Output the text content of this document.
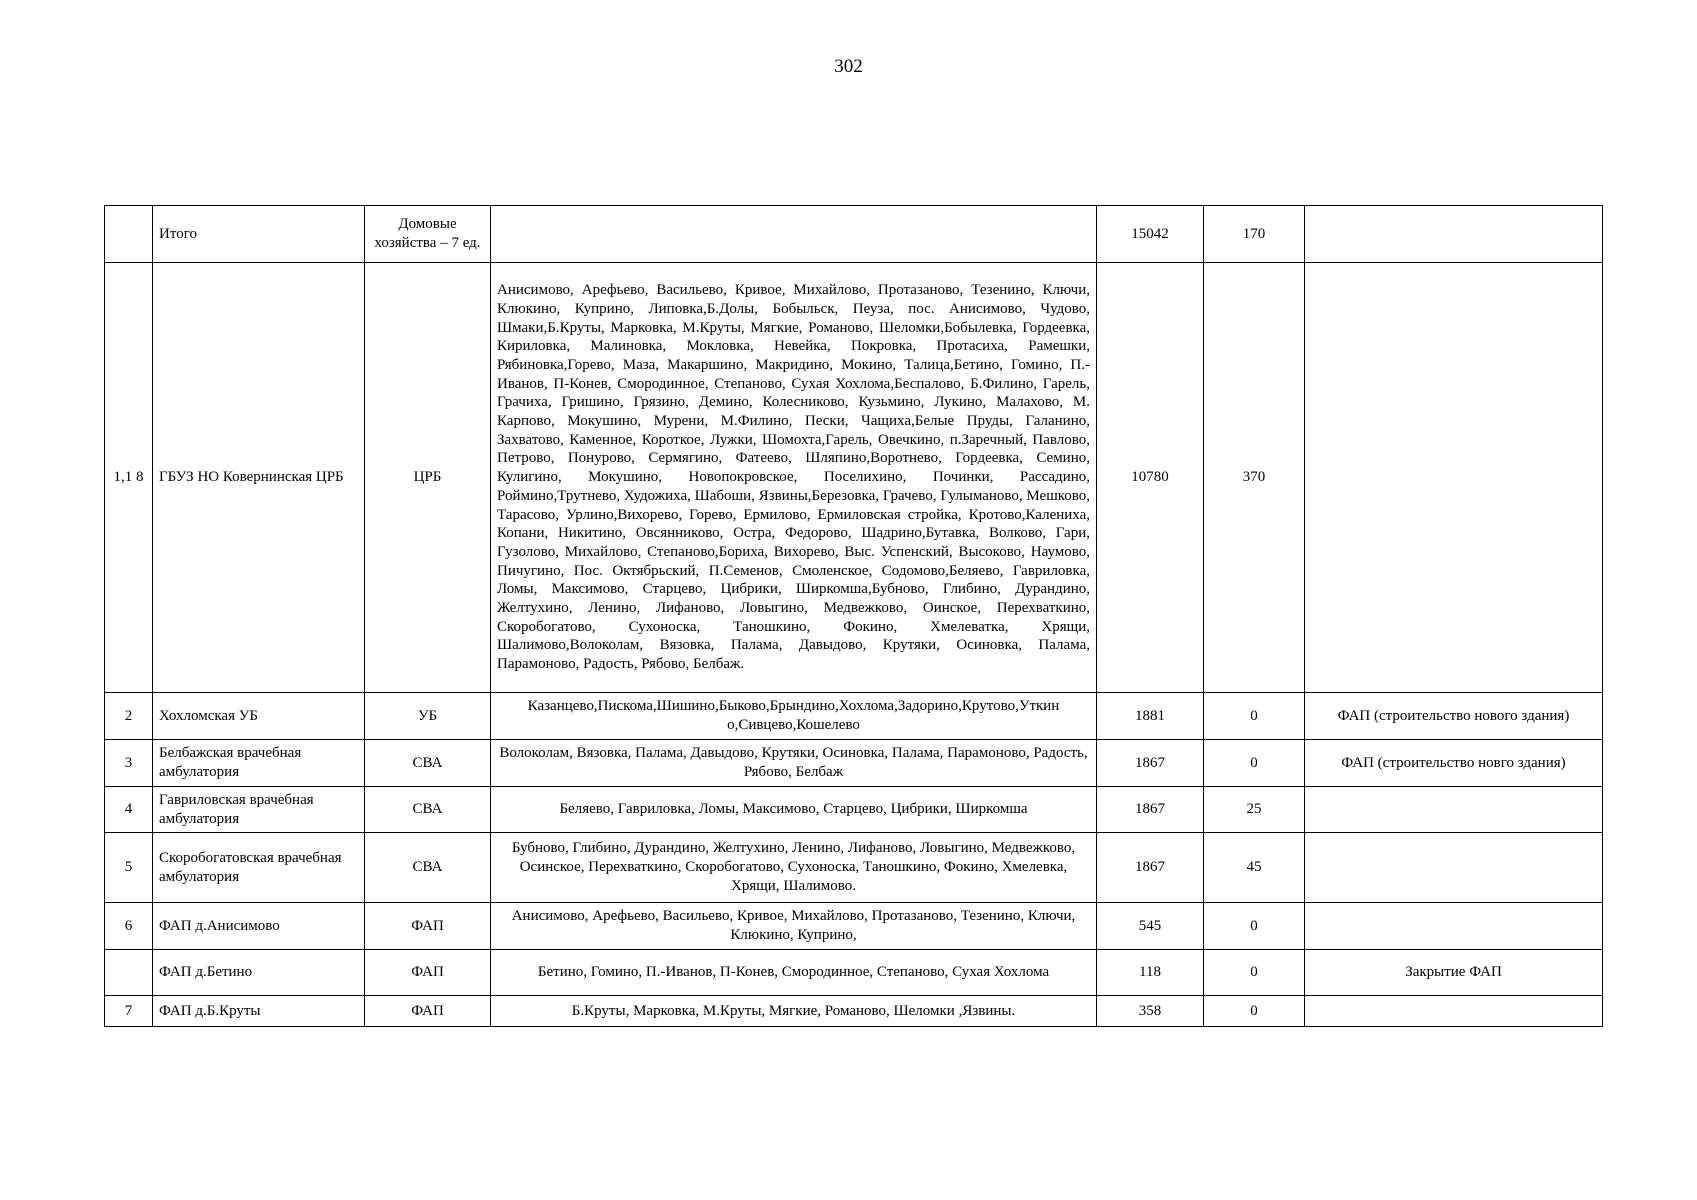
302
	Итого	Домовые хозяйства – 7 ед.		15042	170	
1,1 8	ГБУЗ НО Ковернинская ЦРБ	ЦРБ	Анисимово, Арефьево, Васильево, Кривое, Михайлово, Протазаново, Тезенино, Ключи, Клюкино, Куприно, Липовка,Б.Долы, Бобыльск, Пеуза, пос. Анисимово, Чудово, Шмаки,Б.Круты, Марковка, М.Круты, Мягкие, Романово, Шеломки,Бобылевка, Гордеевка, Кириловка, Малиновка, Мокловка, Невейка, Покровка, Протасиха, Рамешки, Рябиновка,Горево, Маза, Макаршино, Макридино, Мокино, Талица,Бетино, Гомино, П.-Иванов, П-Конев, Смородинное, Степаново, Сухая Хохлома,Беспалово, Б.Филино, Гарель, Грачиха, Гришино, Грязино, Демино, Колесниково, Кузьмино, Лукино, Малахово, М. Карпово, Мокушино, Мурени, М.Филино, Пески, Чащиха,Белые Пруды, Галанино, Захватово, Каменное, Короткое, Лужки, Шомохта,Гарель, Овечкино, п.Заречный, Павлово, Петрово, Понурово, Сермягино, Фатеево, Шляпино,Воротнево, Гордеевка, Семино, Кулигино, Мокушино, Новопокровское, Поселихино, Починки, Рассадино, Роймино,Трутнево, Художиха, Шабоши, Язвины,Березовка, Грачево, Гулыманово, Мешково, Тарасово, Урлино,Вихорево, Горево, Ермилово, Ермиловская стройка, Кротово,Калениха, Копани, Никитино, Овсянниково, Остра, Федорово, Шадрино,Бутавка, Волково, Гари, Гузолово, Михайлово, Степаново,Бориха, Вихорево, Выс. Успенский, Высоково, Наумово, Пичугино, Пос. Октябрьский, П.Семенов, Смоленское, Содомово,Беляево, Гавриловка, Ломы, Максимово, Старцево, Цибрики, Ширкомша,Бубново, Глибино, Дурандино, Желтухино, Ленино, Лифаново, Ловыгино, Медвежково, Оинское, Перехваткино, Скоробогатово, Сухоноска, Таношкино, Фокино, Хмелеватка, Хрящи, Шалимово,Волоколам, Вязовка, Палама, Давыдово, Крутяки, Осиновка, Палама, Парамоново, Радость, Рябово, Белбаж.	10780	370	
2	Хохломская УБ	УБ	Казанцево,Пискома,Шишино,Быково,Брындино,Хохлома,Задорино,Крутово,Уткин о,Сивцево,Кошелево	1881	0	ФАП (строительство нового здания)
3	Белбажская врачебная амбулатория	СВА	Волоколам, Вязовка, Палама, Давыдово, Крутяки, Осиновка, Палама, Парамоново, Радость, Рябово, Белбаж	1867	0	ФАП (строительство новго здания)
4	Гавриловская врачебная амбулатория	СВА	Беляево, Гавриловка, Ломы, Максимово, Старцево, Цибрики, Ширкомша	1867	25	
5	Скоробогатовская врачебная амбулатория	СВА	Бубново, Глибино, Дурандино, Желтухино, Ленино, Лифаново, Ловыгино, Медвежково, Осинское, Перехваткино, Скоробогатово, Сухоноска, Таношкино, Фокино, Хмелевка, Хрящи, Шалимово.	1867	45	
6	ФАП д.Анисимово	ФАП	Анисимово, Арефьево, Васильево, Кривое, Михайлово, Протазаново, Тезенино, Ключи, Клюкино, Куприно,	545	0	
	ФАП д.Бетино	ФАП	Бетино, Гомино, П.-Иванов, П-Конев, Смородинное, Степаново, Сухая Хохлома	118	0	Закрытие ФАП
7	ФАП д.Б.Круты	ФАП	Б.Круты, Марковка, М.Круты, Мягкие, Романово, Шеломки ,Язвины.	358	0	
